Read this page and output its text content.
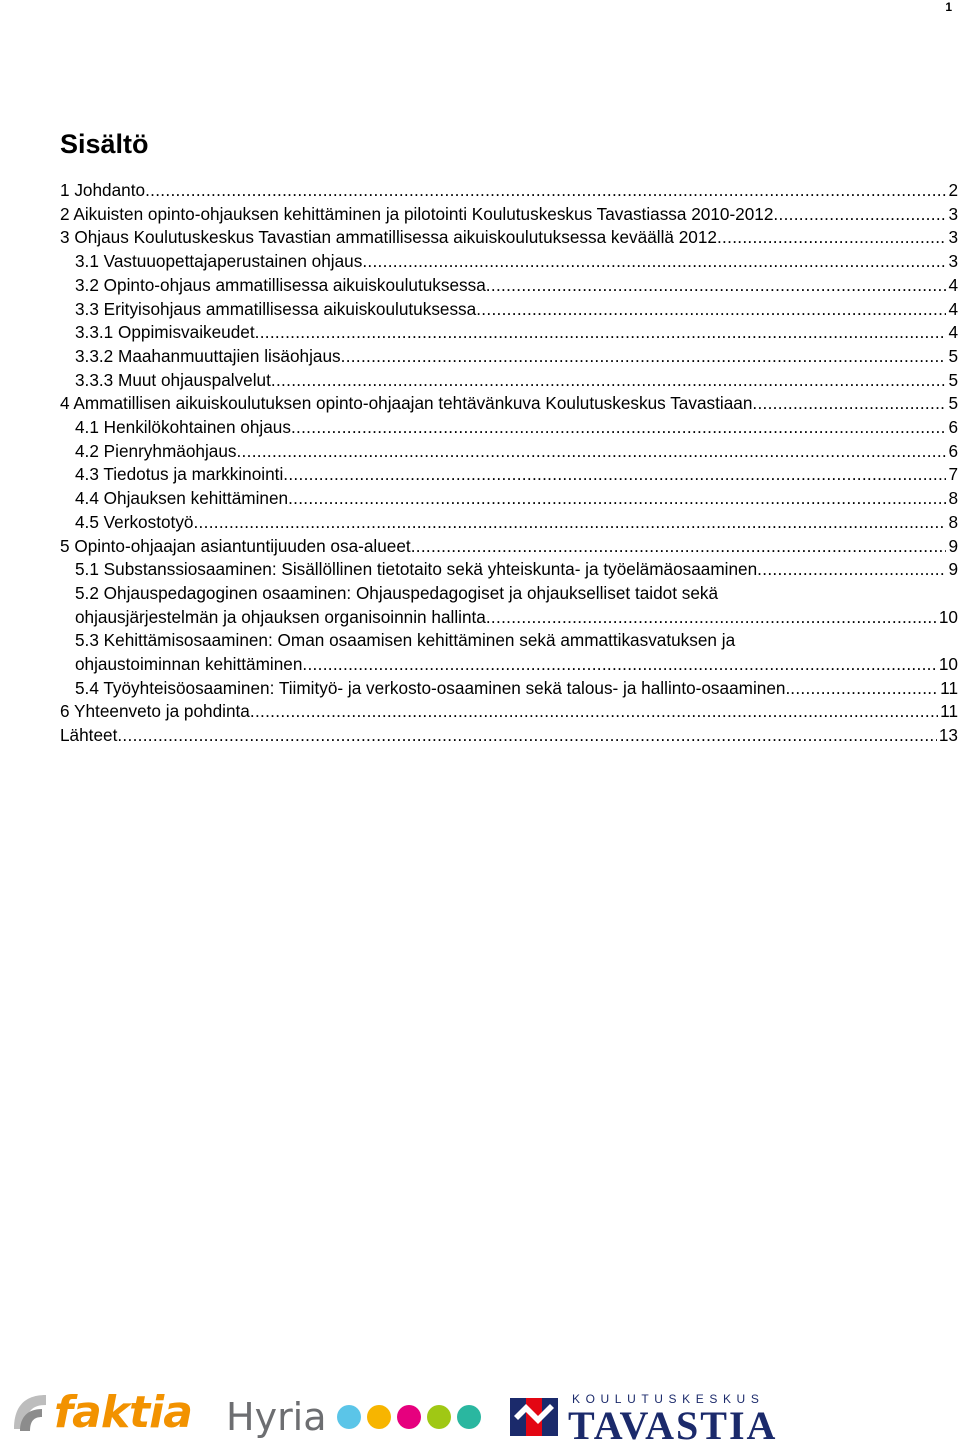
1
Sisältö
1 Johdanto .....	2
2 Aikuisten opinto-ohjauksen kehittäminen ja pilotointi Koulutuskeskus Tavastiassa 2010-2012 .....	3
3 Ohjaus Koulutuskeskus Tavastian ammatillisessa aikuiskoulutuksessa keväällä 2012 .....	3
3.1 Vastuuopettajaperustainen ohjaus .....	3
3.2 Opinto-ohjaus ammatillisessa aikuiskoulutuksessa .....	4
3.3 Erityisohjaus ammatillisessa aikuiskoulutuksessa .....	4
3.3.1 Oppimisvaikeudet .....	4
3.3.2 Maahanmuuttajien lisäohjaus .....	5
3.3.3 Muut ohjauspalvelut .....	5
4 Ammatillisen aikuiskoulutuksen opinto-ohjaajan tehtävänkuva Koulutuskeskus Tavastiaan .....	5
4.1 Henkilökohtainen ohjaus .....	6
4.2 Pienryhmäohjaus .....	6
4.3 Tiedotus ja markkinointi .....	7
4.4 Ohjauksen kehittäminen .....	8
4.5 Verkostotyö .....	8
5 Opinto-ohjaajan asiantuntijuuden osa-alueet .....	9
5.1 Substanssiosaaminen: Sisällöllinen tietotaito sekä yhteiskunta- ja työelämäosaaminen .....	9
5.2 Ohjauspedagoginen osaaminen: Ohjauspedagogiset ja ohjaukselliset taidot sekä
ohjausjärjestelmän ja ohjauksen organisoinnin hallinta .....	10
5.3 Kehittämisosaaminen: Oman osaamisen kehittäminen sekä ammattikasvatuksen ja
ohjaustoiminnan kehittäminen .....	10
5.4 Työyhteisöosaaminen: Tiimityö- ja verkosto-osaaminen sekä talous- ja hallinto-osaaminen. .....	11
6 Yhteenveto ja pohdinta .....	11
Lähteet .....	13
faktia Hyria	KOULUTUSKESKUS
TAVASTIA
